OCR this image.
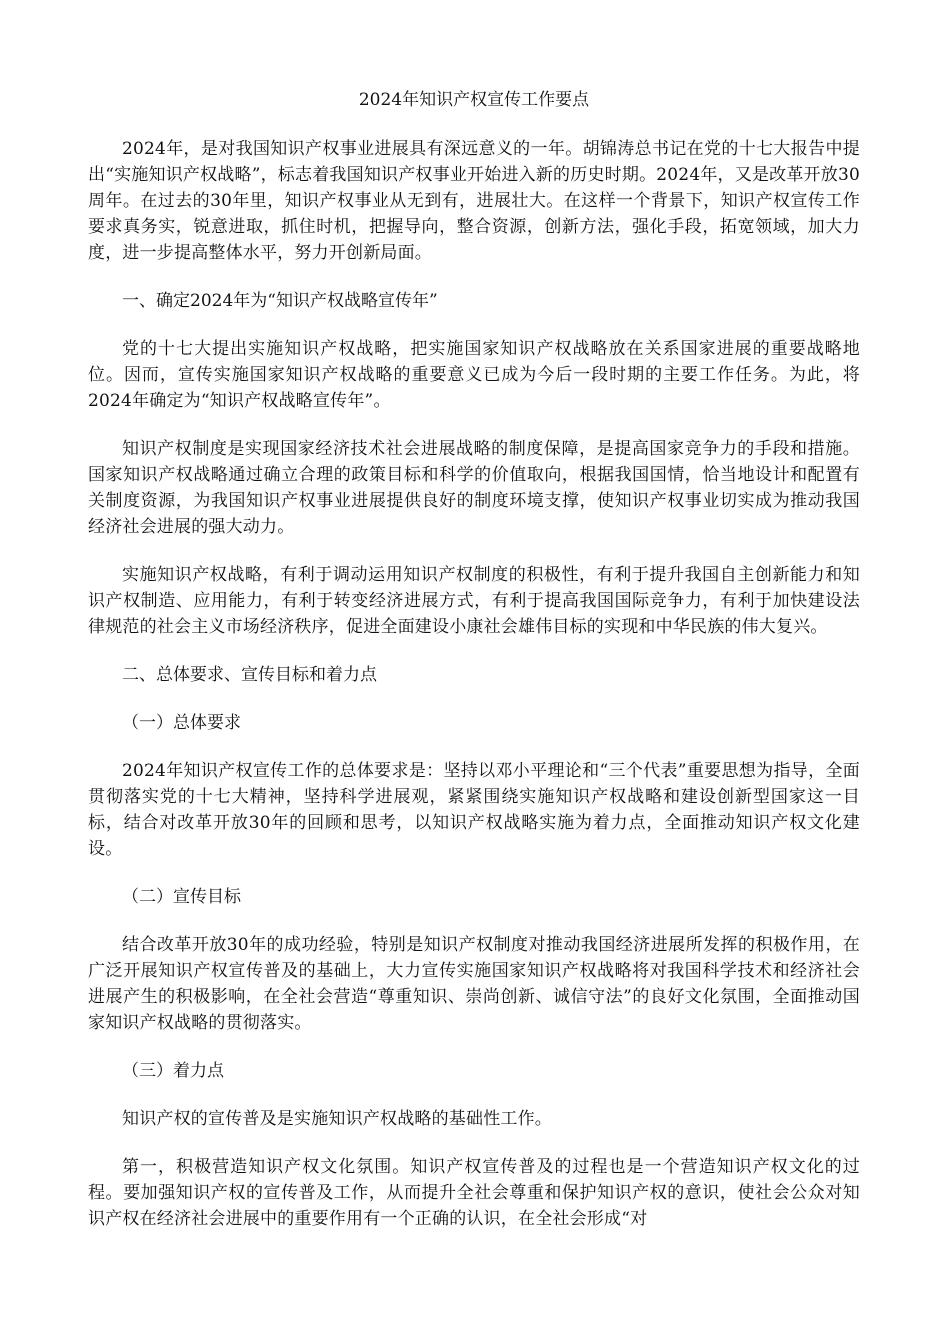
2024年知识产权宣传工作要点

2024年，是对我国知识产权事业进展具有深远意义的一年。胡锦涛总书记在党的十七大报告中提出“实施知识产权战略”，标志着我国知识产权事业开始进入新的历史时期。2024年，又是改革开放30周年。在过去的30年里，知识产权事业从无到有，进展壮大。在这样一个背景下，知识产权宣传工作要求真务实，锐意进取，抓住时机，把握导向，整合资源，创新方法，强化手段，拓宽领域，加大力度，进一步提高整体水平，努力开创新局面。

一、确定2024年为“知识产权战略宣传年”

党的十七大提出实施知识产权战略，把实施国家知识产权战略放在关系国家进展的重要战略地位。因而，宣传实施国家知识产权战略的重要意义已成为今后一段时期的主要工作任务。为此，将2024年确定为“知识产权战略宣传年”。

知识产权制度是实现国家经济技术社会进展战略的制度保障，是提高国家竞争力的手段和措施。国家知识产权战略通过确立合理的政策目标和科学的价值取向，根据我国国情，恰当地设计和配置有关制度资源，为我国知识产权事业进展提供良好的制度环境支撑，使知识产权事业切实成为推动我国经济社会进展的强大动力。

实施知识产权战略，有利于调动运用知识产权制度的积极性，有利于提升我国自主创新能力和知识产权制造、应用能力，有利于转变经济进展方式，有利于提高我国国际竞争力，有利于加快建设法律规范的社会主义市场经济秩序，促进全面建设小康社会雄伟目标的实现和中华民族的伟大复兴。

二、总体要求、宣传目标和着力点

（一）总体要求

2024年知识产权宣传工作的总体要求是：坚持以邓小平理论和“三个代表”重要思想为指导，全面贯彻落实党的十七大精神，坚持科学进展观，紧紧围绕实施知识产权战略和建设创新型国家这一目标，结合对改革开放30年的回顾和思考，以知识产权战略实施为着力点，全面推动知识产权文化建设。

（二）宣传目标

结合改革开放30年的成功经验，特别是知识产权制度对推动我国经济进展所发挥的积极作用，在广泛开展知识产权宣传普及的基础上，大力宣传实施国家知识产权战略将对我国科学技术和经济社会进展产生的积极影响，在全社会营造“尊重知识、崇尚创新、诚信守法”的良好文化氛围，全面推动国家知识产权战略的贯彻落实。

（三）着力点

知识产权的宣传普及是实施知识产权战略的基础性工作。

第一，积极营造知识产权文化氛围。知识产权宣传普及的过程也是一个营造知识产权文化的过程。要加强知识产权的宣传普及工作，从而提升全社会尊重和保护知识产权的意识，使社会公众对知识产权在经济社会进展中的重要作用有一个正确的认识，在全社会形成“对
